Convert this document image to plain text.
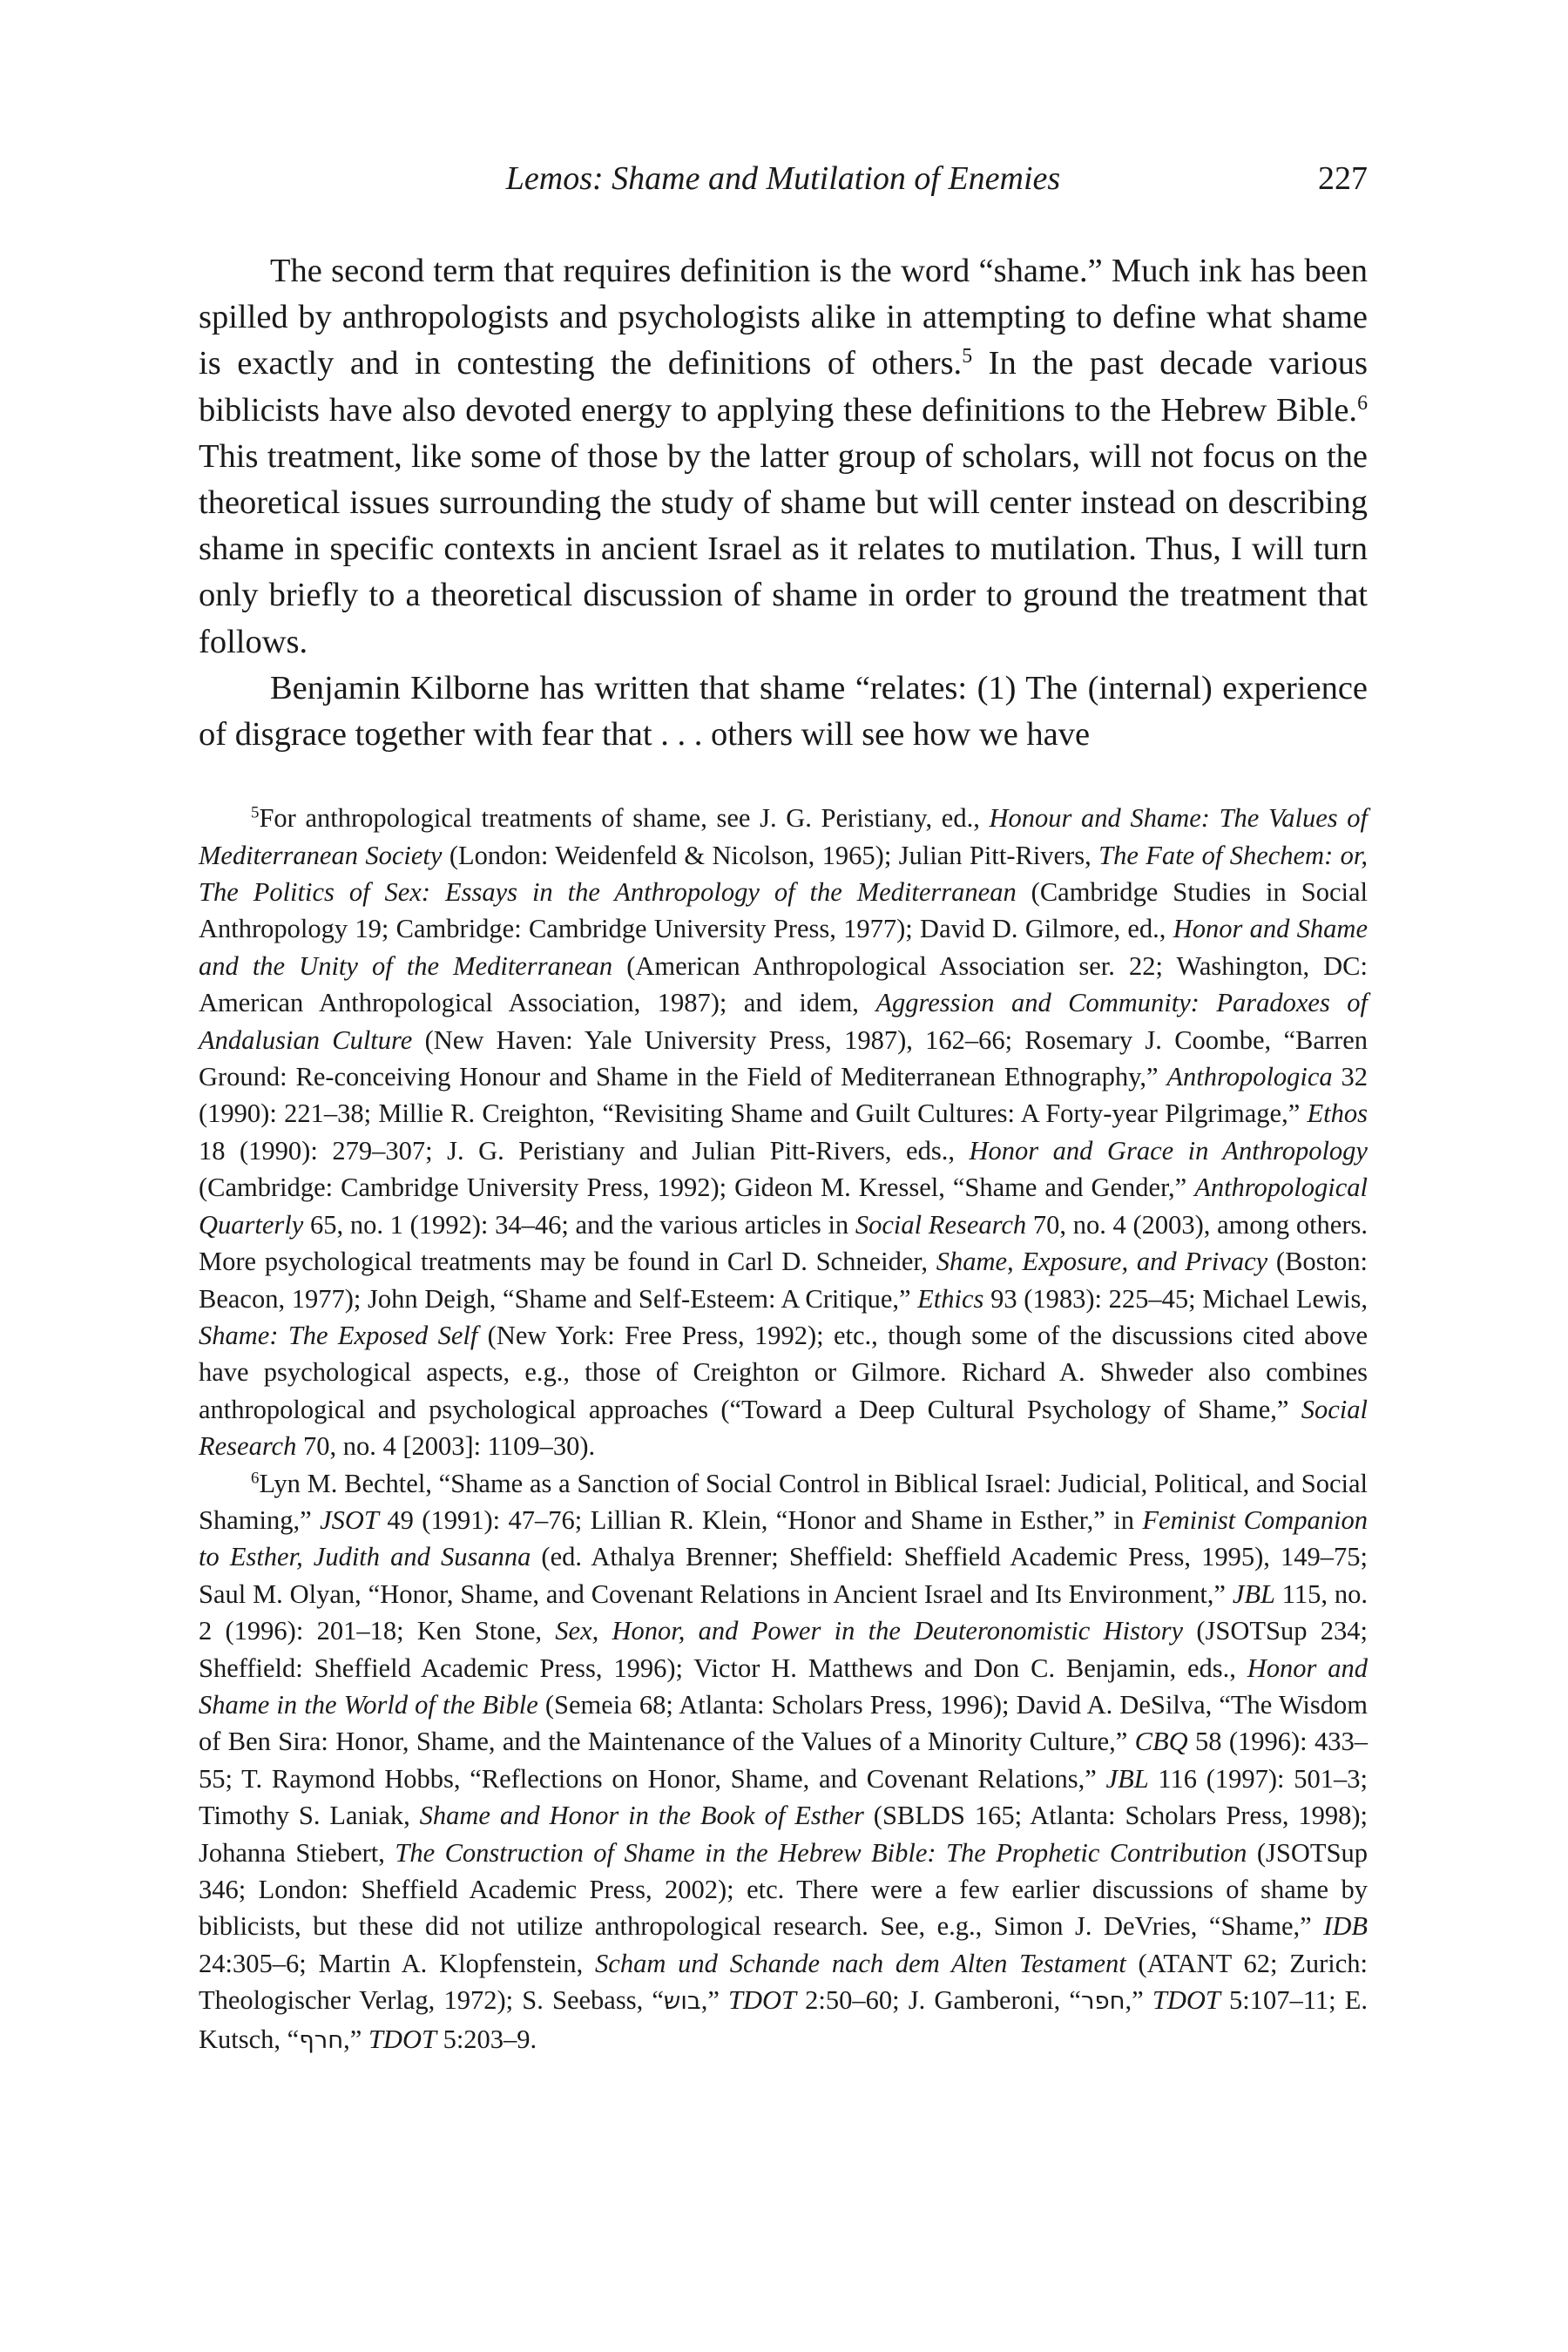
Lemos: Shame and Mutilation of Enemies	227

The second term that requires definition is the word “shame.” Much ink has been spilled by anthropologists and psychologists alike in attempting to define what shame is exactly and in contesting the definitions of others.$^5$ In the past decade various biblicists have also devoted energy to applying these definitions to the Hebrew Bible.$^6$ This treatment, like some of those by the latter group of scholars, will not focus on the theoretical issues surrounding the study of shame but will center instead on describing shame in specific contexts in ancient Israel as it relates to mutilation. Thus, I will turn only briefly to a theoretical discussion of shame in order to ground the treatment that follows.

Benjamin Kilborne has written that shame “relates: (1) The (internal) experience of disgrace together with fear that . . . others will see how we have

$^5$For anthropological treatments of shame, see J. G. Peristiany, ed., Honour and Shame: The Values of Mediterranean Society (London: Weidenfeld & Nicolson, 1965); Julian Pitt-Rivers, The Fate of Shechem: or, The Politics of Sex: Essays in the Anthropology of the Mediterranean (Cambridge Studies in Social Anthropology 19; Cambridge: Cambridge University Press, 1977); David D. Gilmore, ed., Honor and Shame and the Unity of the Mediterranean (American Anthropological Association ser. 22; Washington, DC: American Anthropological Association, 1987); and idem, Aggression and Community: Paradoxes of Andalusian Culture (New Haven: Yale University Press, 1987), 162–66; Rosemary J. Coombe, “Barren Ground: Re-conceiving Honour and Shame in the Field of Mediterranean Ethnography,” Anthropologica 32 (1990): 221–38; Millie R. Creighton, “Revisiting Shame and Guilt Cultures: A Forty-year Pilgrimage,” Ethos 18 (1990): 279–307; J. G. Peristiany and Julian Pitt-Rivers, eds., Honor and Grace in Anthropology (Cambridge: Cambridge University Press, 1992); Gideon M. Kressel, “Shame and Gender,” Anthropological Quarterly 65, no. 1 (1992): 34–46; and the various articles in Social Research 70, no. 4 (2003), among others. More psychological treatments may be found in Carl D. Schneider, Shame, Exposure, and Privacy (Boston: Beacon, 1977); John Deigh, “Shame and Self-Esteem: A Critique,” Ethics 93 (1983): 225–45; Michael Lewis, Shame: The Exposed Self (New York: Free Press, 1992); etc., though some of the discussions cited above have psychological aspects, e.g., those of Creighton or Gilmore. Richard A. Shweder also combines anthropological and psychological approaches (“Toward a Deep Cultural Psychology of Shame,” Social Research 70, no. 4 [2003]: 1109–30).

$^6$Lyn M. Bechtel, “Shame as a Sanction of Social Control in Biblical Israel: Judicial, Political, and Social Shaming,” JSOT 49 (1991): 47–76; Lillian R. Klein, “Honor and Shame in Esther,” in Feminist Companion to Esther, Judith and Susanna (ed. Athalya Brenner; Sheffield: Sheffield Academic Press, 1995), 149–75; Saul M. Olyan, “Honor, Shame, and Covenant Relations in Ancient Israel and Its Environment,” JBL 115, no. 2 (1996): 201–18; Ken Stone, Sex, Honor, and Power in the Deuteronomistic History (JSOTSup 234; Sheffield: Sheffield Academic Press, 1996); Victor H. Matthews and Don C. Benjamin, eds., Honor and Shame in the World of the Bible (Semeia 68; Atlanta: Scholars Press, 1996); David A. DeSilva, “The Wisdom of Ben Sira: Honor, Shame, and the Maintenance of the Values of a Minority Culture,” CBQ 58 (1996): 433–55; T. Raymond Hobbs, “Reflections on Honor, Shame, and Covenant Relations,” JBL 116 (1997): 501–3; Timothy S. Laniak, Shame and Honor in the Book of Esther (SBLDS 165; Atlanta: Scholars Press, 1998); Johanna Stiebert, The Construction of Shame in the Hebrew Bible: The Prophetic Contribution (JSOTSup 346; London: Sheffield Academic Press, 2002); etc. There were a few earlier discussions of shame by biblicists, but these did not utilize anthropological research. See, e.g., Simon J. DeVries, “Shame,” IDB 24:305–6; Martin A. Klopfenstein, Scham und Schande nach dem Alten Testament (ATANT 62; Zurich: Theologischer Verlag, 1972); S. Seebass, “בוש,” TDOT 2:50–60; J. Gamberoni, “חפר,” TDOT 5:107–11; E. Kutsch, “חרף,” TDOT 5:203–9.
